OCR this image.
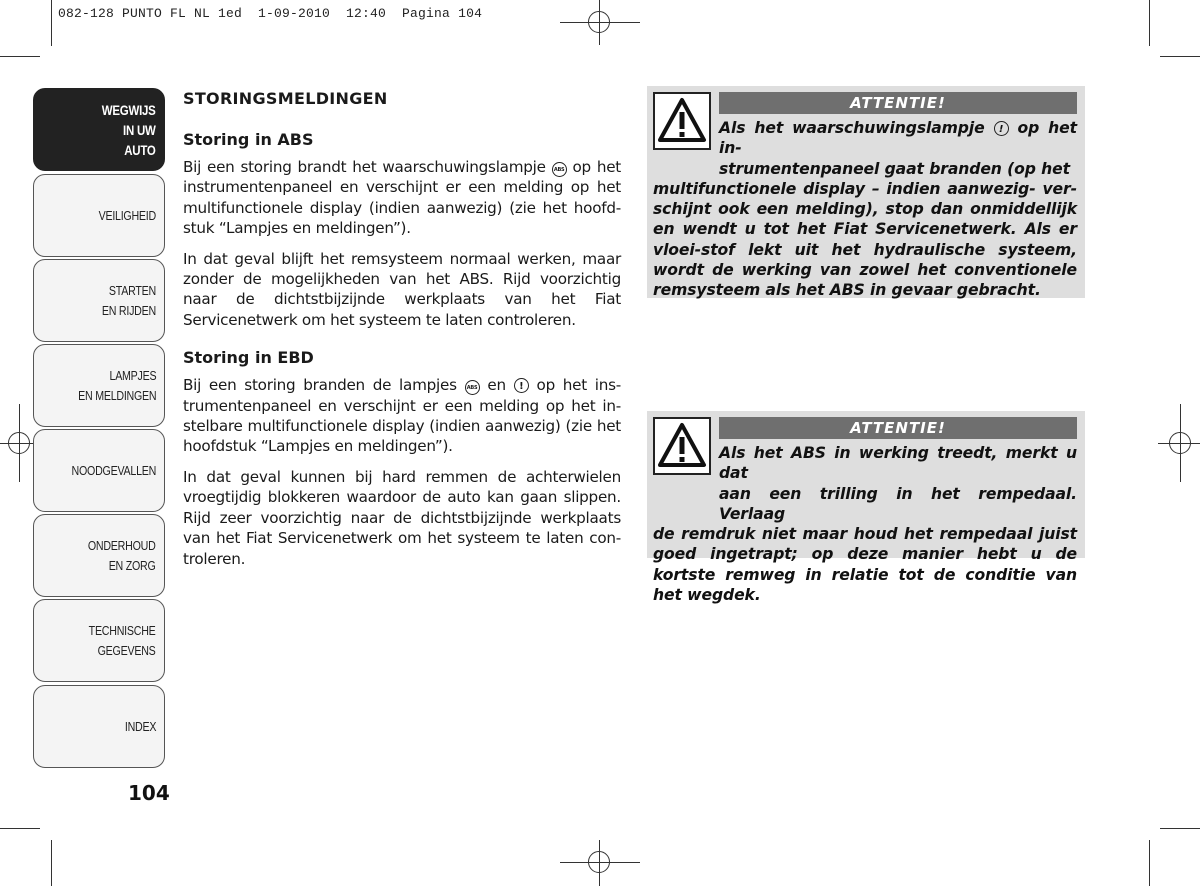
082-128 PUNTO FL NL 1ed  1-09-2010  12:40  Pagina 104
WEGWIJS
IN UW
AUTO
VEILIGHEID
STARTEN
EN RIJDEN
LAMPJES
EN MELDINGEN
NOODGEVALLEN
ONDERHOUD
EN ZORG
TECHNISCHE
GEGEVENS
INDEX
104
STORINGSMELDINGEN
Storing in ABS

Bij een storing brandt het waarschuwingslampje ABS op het instrumentenpaneel en verschijnt er een melding op het multifunctionele display (indien aanwezig) (zie het hoofd-stuk “Lampjes en meldingen”).

In dat geval blijft het remsysteem normaal werken, maar zonder de mogelijkheden van het ABS. Rijd voorzichtig naar de dichtstbijzijnde werkplaats van het Fiat Servicenetwerk om het systeem te laten controleren.

Storing in EBD

Bij een storing branden de lampjes ABS en ! op het ins-trumentenpaneel en verschijnt er een melding op het in-stelbare multifunctionele display (indien aanwezig) (zie het hoofdstuk “Lampjes en meldingen”).

In dat geval kunnen bij hard remmen de achterwielen vroegtijdig blokkeren waardoor de auto kan gaan slippen. Rijd zeer voorzichtig naar de dichtstbijzijnde werkplaats van het Fiat Servicenetwerk om het systeem te laten con-troleren.

ATTENTIE!
Als het waarschuwingslampje ! op het in-
strumentenpaneel gaat branden (op het
multifunctionele display – indien aanwezig- ver-schijnt ook een melding), stop dan onmiddellijk en wendt u tot het Fiat Servicenetwerk. Als er vloei-stof lekt uit het hydraulische systeem, wordt de werking van zowel het conventionele remsysteem als het ABS in gevaar gebracht.
ATTENTIE!
Als het ABS in werking treedt, merkt u dat
aan een trilling in het rempedaal. Verlaag
de remdruk niet maar houd het rempedaal juist goed ingetrapt; op deze manier hebt u de kortste remweg in relatie tot de conditie van het wegdek.
